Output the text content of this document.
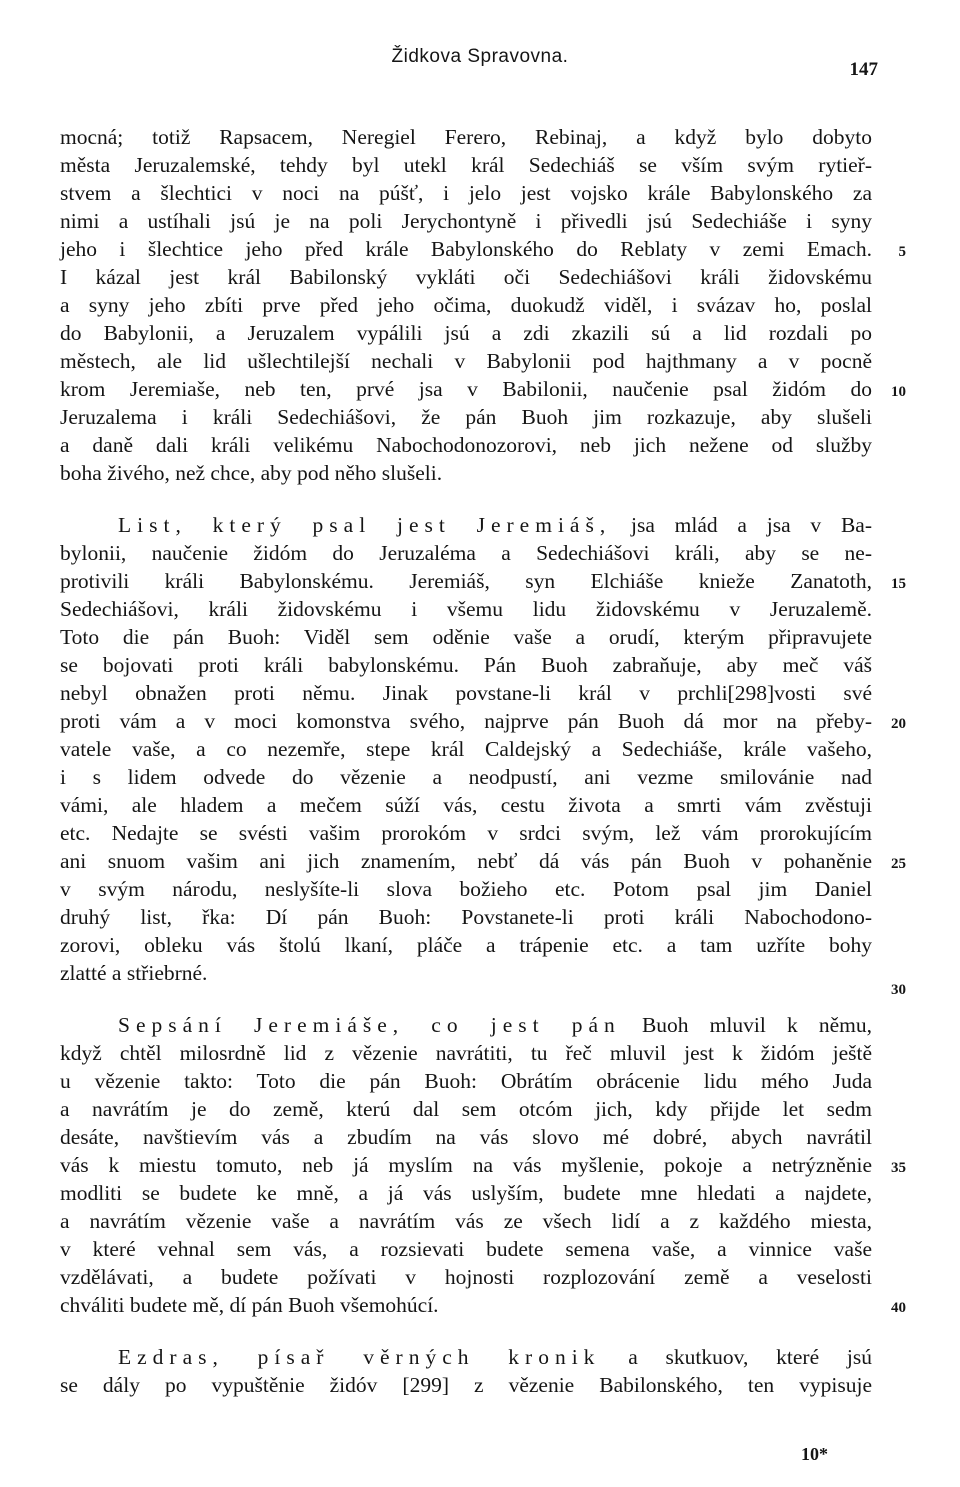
Židkova Spravovna.
147
mocná; totiž Rapsacem, Neregiel Ferero, Rebinaj, a když bylo dobyto
města Jeruzalemské, tehdy byl utekl král Sedechiáš se vším svým rytieř-
stvem a šlechtici v noci na púšť, i jelo jest vojsko krále Babylonského za
nimi a ustíhali jsú je na poli Jerychontyně i přivedli jsú Sedechiáše i syny
jeho i šlechtice jeho před krále Babylonského do Reblaty v zemi Emach.
I kázal jest král Babilonský vykláti oči Sedechiášovi králi židovskému
a syny jeho zbíti prve před jeho očima, duokudž viděl, i svázav ho, poslal
do Babylonii, a Jeruzalem vypálili jsú a zdi zkazili sú a lid rozdali po
městech, ale lid ušlechtilejší nechali v Babylonii pod hajthmany a v pocně
krom Jeremiaše, neb ten, prvé jsa v Babilonii, naučenie psal židóm do
Jeruzalema i králi Sedechiášovi, že pán Buoh jim rozkazuje, aby slušeli
a daně dali králi velikému Nabochodonozorovi, neb jich nežene od služby
boha živého, než chce, aby pod něho slušeli.
List, který psal jest Jeremiáš, jsa mlád a jsa v Ba-
bylonii, naučenie židóm do Jeruzaléma a Sedechiášovi králi, aby se ne-
protivili králi Babylonskému. Jeremiáš, syn Elchiáše knieže Zanatoth,
Sedechiášovi, králi židovskému i všemu lidu židovskému v Jeruzalemě.
Toto die pán Buoh: Viděl sem oděnie vaše a orudí, kterým připravujete
se bojovati proti králi babylonskému. Pán Buoh zabraňuje, aby meč váš
nebyl obnažen proti němu. Jinak povstane-li král v prchli[298]vosti své
proti vám a v moci komonstva svého, najprve pán Buoh dá mor na přeby-
vatele vaše, a co nezemře, stepe král Caldejský a Sedechiáše, krále vašeho,
i s lidem odvede do vězenie a neodpustí, ani vezme smilovánie nad
vámi, ale hladem a mečem súží vás, cestu života a smrti vám zvěstuji
etc. Nedajte se svésti vašim prorokóm v srdci svým, lež vám prorokujícím
ani snuom vašim ani jich znamením, nebť dá vás pán Buoh v pohaněnie
v svým národu, neslyšíte-li slova božieho etc. Potom psal jim Daniel
druhý list, řka: Dí pán Buoh: Povstanete-li proti králi Nabochodono-
zorovi, obleku vás štolú lkaní, pláče a trápenie etc. a tam uzříte bohy
zlatté a střiebrné.
Sepsání Jeremiáše, co jest pán Buoh mluvil k němu,
když chtěl milosrdně lid z vězenie navrátiti, tu řeč mluvil jest k židóm ještě
u vězenie takto: Toto die pán Buoh: Obrátím obrácenie lidu mého Juda
a navrátím je do země, kterú dal sem otcóm jich, kdy přijde let sedm
desáte, navštievím vás a zbudím na vás slovo mé dobré, abych navrátil
vás k miestu tomuto, neb já myslím na vás myšlenie, pokoje a netrýzněnie
modliti se budete ke mně, a já vás uslyším, budete mne hledati a najdete,
a navrátím vězenie vaše a navrátím vás ze všech lidí a z každého miesta,
v které vehnal sem vás, a rozsievati budete semena vaše, a vinnice vaše
vzdělávati, a budete požívati v hojnosti rozplozování země a veselosti
chváliti budete mě, dí pán Buoh všemohúcí.
Ezdras, písař věrných kronik a skutkuov, které jsú
se dály po vypuštěnie židóv [299] z vězenie Babilonského, ten vypisuje
5
10
15
20
25
30
35
40
10*
